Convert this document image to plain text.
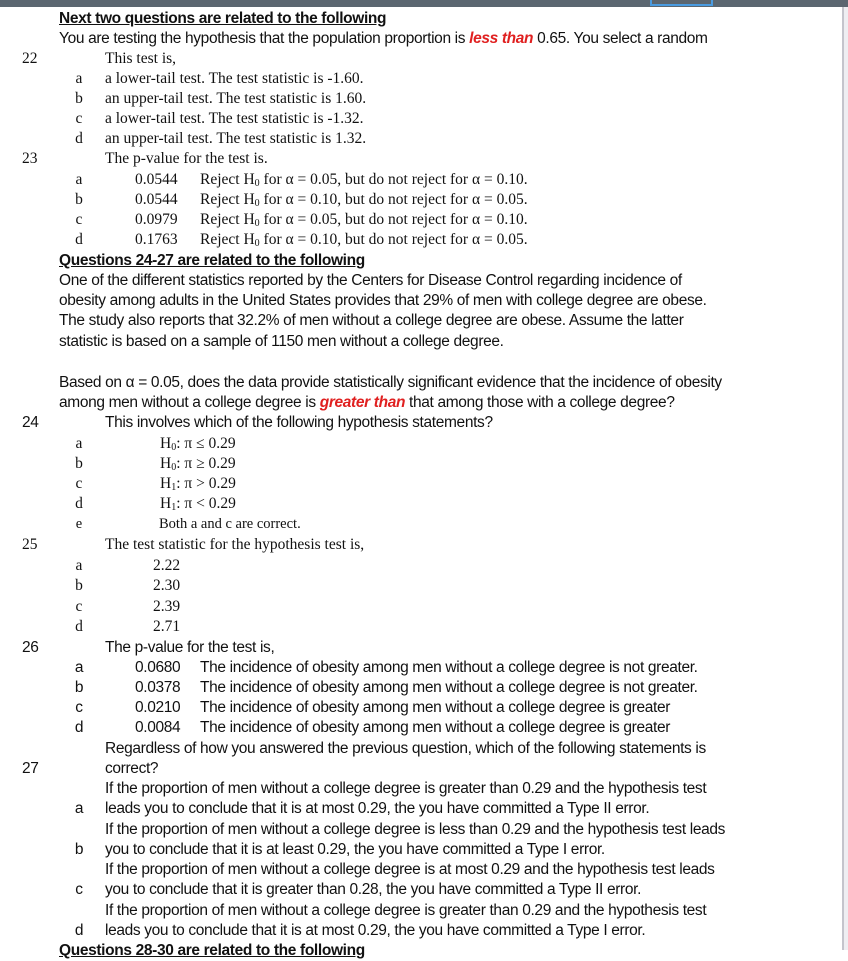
Next two questions are related to the following
You are testing the hypothesis that the population proportion is less than 0.65. You select a random
22	This test is,
a a lower-tail test. The test statistic is -1.60.
b an upper-tail test. The test statistic is 1.60.
c a lower-tail test. The test statistic is -1.32.
d an upper-tail test. The test statistic is 1.32.
23	The p-value for the test is.
a	0.0544 Reject $H_0$ for α = 0.05, but do not reject for α = 0.10.
b	0.0544 Reject $H_0$ for α = 0.10, but do not reject for α = 0.05.
c	0.0979 Reject $H_0$ for α = 0.05, but do not reject for α = 0.10.
d	0.1763 Reject $H_0$ for α = 0.10, but do not reject for α = 0.05.
Questions 24-27 are related to the following
One of the different statistics reported by the Centers for Disease Control regarding incidence of
obesity among adults in the United States provides that 29% of men with college degree are obese.
The study also reports that 32.2% of men without a college degree are obese. Assume the latter
statistic is based on a sample of 1150 men without a college degree.
Based on α = 0.05, does the data provide statistically significant evidence that the incidence of obesity
among men without a college degree is greater than that among those with a college degree?
24	This involves which of the following hypothesis statements?
a	$H_0$: π ≤ 0.29
b	$H_0$: π ≥ 0.29
c	$H_1$: π > 0.29
d	$H_1$: π < 0.29
e	Both a and c are correct.
25	The test statistic for the hypothesis test is,
a	2.22
b	2.30
c	2.39
d	2.71
26	The p-value for the test is,
a	0.0680 The incidence of obesity among men without a college degree is not greater.
b	0.0378 The incidence of obesity among men without a college degree is not greater.
c	0.0210 The incidence of obesity among men without a college degree is greater
d	0.0084 The incidence of obesity among men without a college degree is greater
Regardless of how you answered the previous question, which of the following statements is
27	correct?
If the proportion of men without a college degree is greater than 0.29 and the hypothesis test
a leads you to conclude that it is at most 0.29, the you have committed a Type II error.
If the proportion of men without a college degree is less than 0.29 and the hypothesis test leads
b you to conclude that it is at least 0.29, the you have committed a Type I error.
If the proportion of men without a college degree is at most 0.29 and the hypothesis test leads
c you to conclude that it is greater than 0.28, the you have committed a Type II error.
If the proportion of men without a college degree is greater than 0.29 and the hypothesis test
d leads you to conclude that it is at most 0.29, the you have committed a Type I error.
Questions 28-30 are related to the following
